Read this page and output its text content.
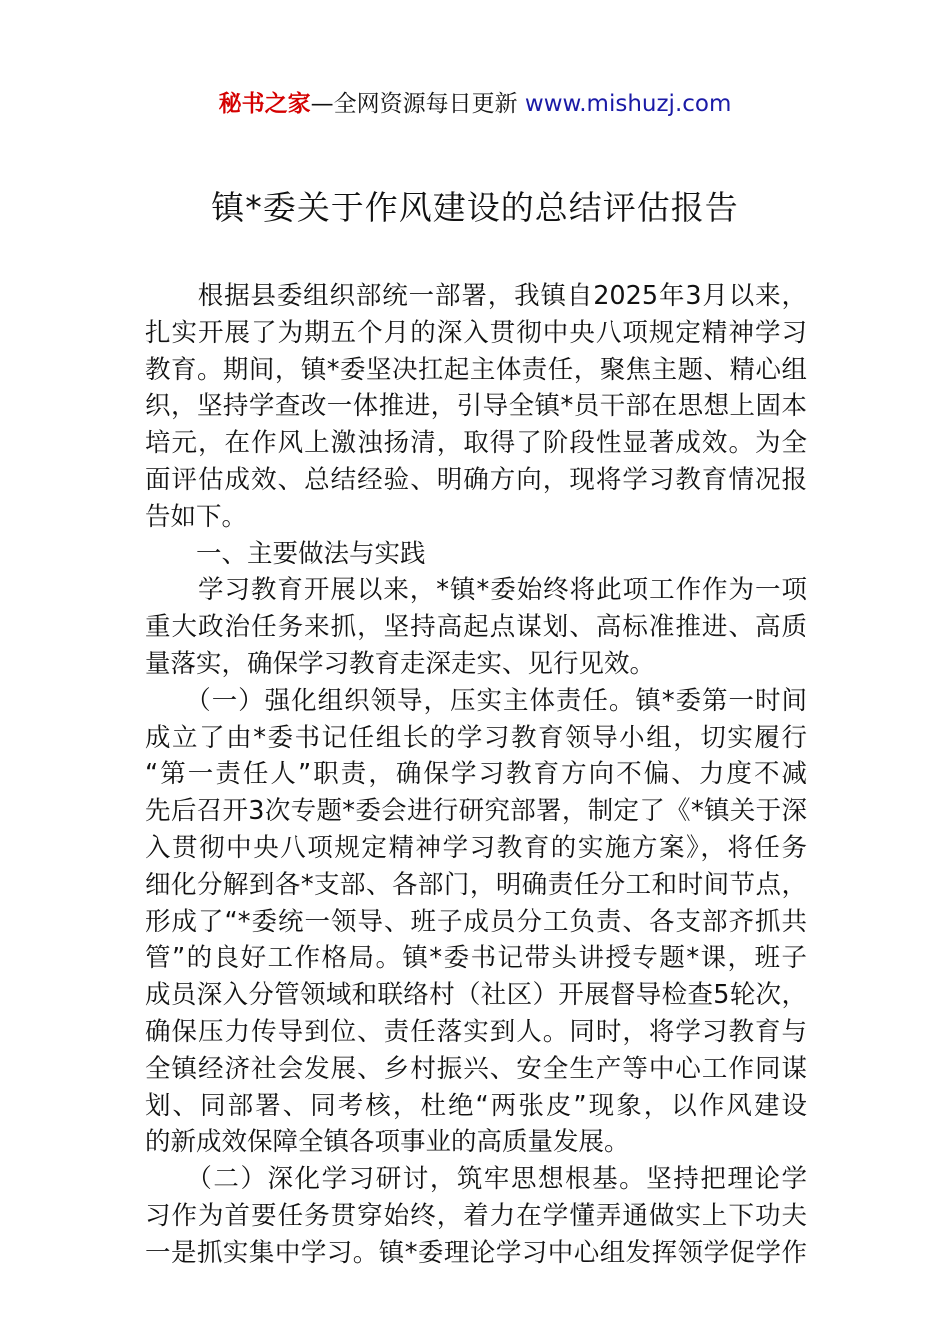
秘书之家—全网资源每日更新 www.mishuzj.com
镇*委关于作风建设的总结评估报告
　　根据县委组织部统一部署，我镇自2025年3月以来，
扎实开展了为期五个月的深入贯彻中央八项规定精神学习
教育。期间，镇*委坚决扛起主体责任，聚焦主题、精心组
织，坚持学查改一体推进，引导全镇*员干部在思想上固本
培元，在作风上激浊扬清，取得了阶段性显著成效。为全
面评估成效、总结经验、明确方向，现将学习教育情况报
告如下。
　　一、主要做法与实践
　　学习教育开展以来，*镇*委始终将此项工作作为一项
重大政治任务来抓，坚持高起点谋划、高标准推进、高质
量落实，确保学习教育走深走实、见行见效。
　　（一）强化组织领导，压实主体责任。镇*委第一时间
成立了由*委书记任组长的学习教育领导小组，切实履行
“第一责任人”职责，确保学习教育方向不偏、力度不减
先后召开3次专题*委会进行研究部署，制定了《*镇关于深
入贯彻中央八项规定精神学习教育的实施方案》，将任务
细化分解到各*支部、各部门，明确责任分工和时间节点，
形成了“*委统一领导、班子成员分工负责、各支部齐抓共
管”的良好工作格局。镇*委书记带头讲授专题*课，班子
成员深入分管领域和联络村（社区）开展督导检查5轮次，
确保压力传导到位、责任落实到人。同时，将学习教育与
全镇经济社会发展、乡村振兴、安全生产等中心工作同谋
划、同部署、同考核，杜绝“两张皮”现象，以作风建设
的新成效保障全镇各项事业的高质量发展。
　　（二）深化学习研讨，筑牢思想根基。坚持把理论学
习作为首要任务贯穿始终，着力在学懂弄通做实上下功夫
一是抓实集中学习。镇*委理论学习中心组发挥领学促学作
